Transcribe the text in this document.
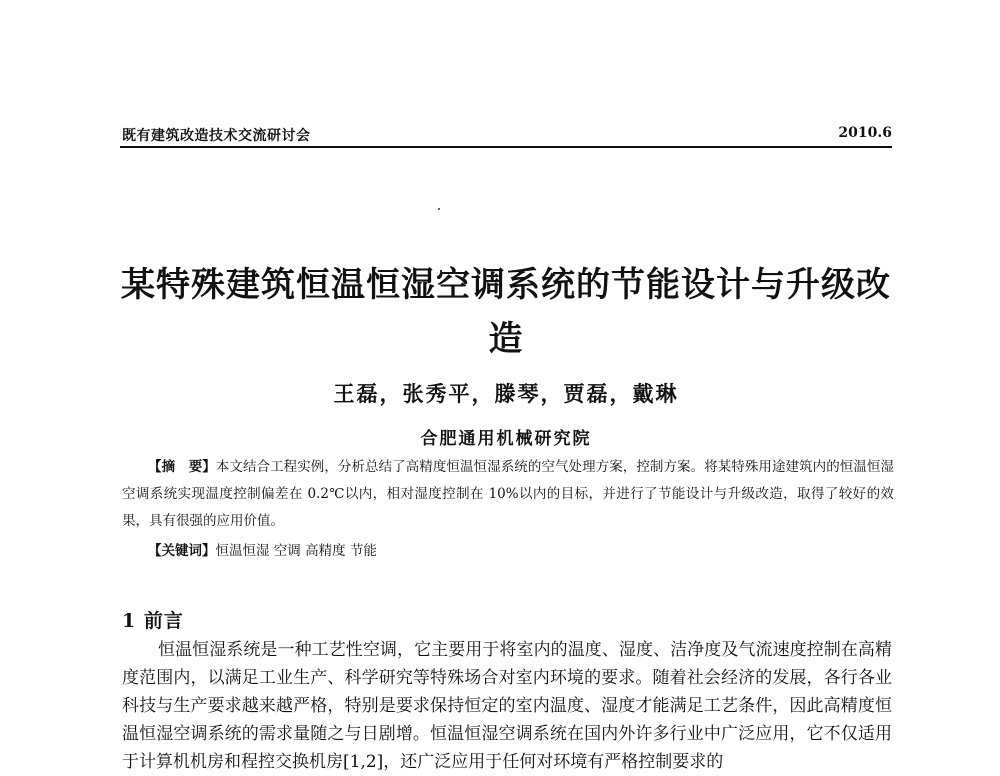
既有建筑改造技术交流研讨会	2010.6
某特殊建筑恒温恒湿空调系统的节能设计与升级改造
王磊，张秀平，滕琴，贾磊，戴琳
合肥通用机械研究院
【摘　要】本文结合工程实例，分析总结了高精度恒温恒湿系统的空气处理方案，控制方案。将某特殊用途建筑内的恒温恒湿空调系统实现温度控制偏差在 0.2℃以内，相对湿度控制在 10%以内的目标，并进行了节能设计与升级改造，取得了较好的效果，具有很强的应用价值。
【关键词】恒温恒湿 空调 高精度 节能
1 前言
恒温恒湿系统是一种工艺性空调，它主要用于将室内的温度、湿度、洁净度及气流速度控制在高精度范围内，以满足工业生产、科学研究等特殊场合对室内环境的要求。随着社会经济的发展，各行各业科技与生产要求越来越严格，特别是要求保持恒定的室内温度、湿度才能满足工艺条件，因此高精度恒温恒湿空调系统的需求量随之与日剧增。恒温恒湿空调系统在国内外许多行业中广泛应用，它不仅适用于计算机机房和程控交换机房[1,2]，还广泛应用于任何对环境有严格控制要求的
